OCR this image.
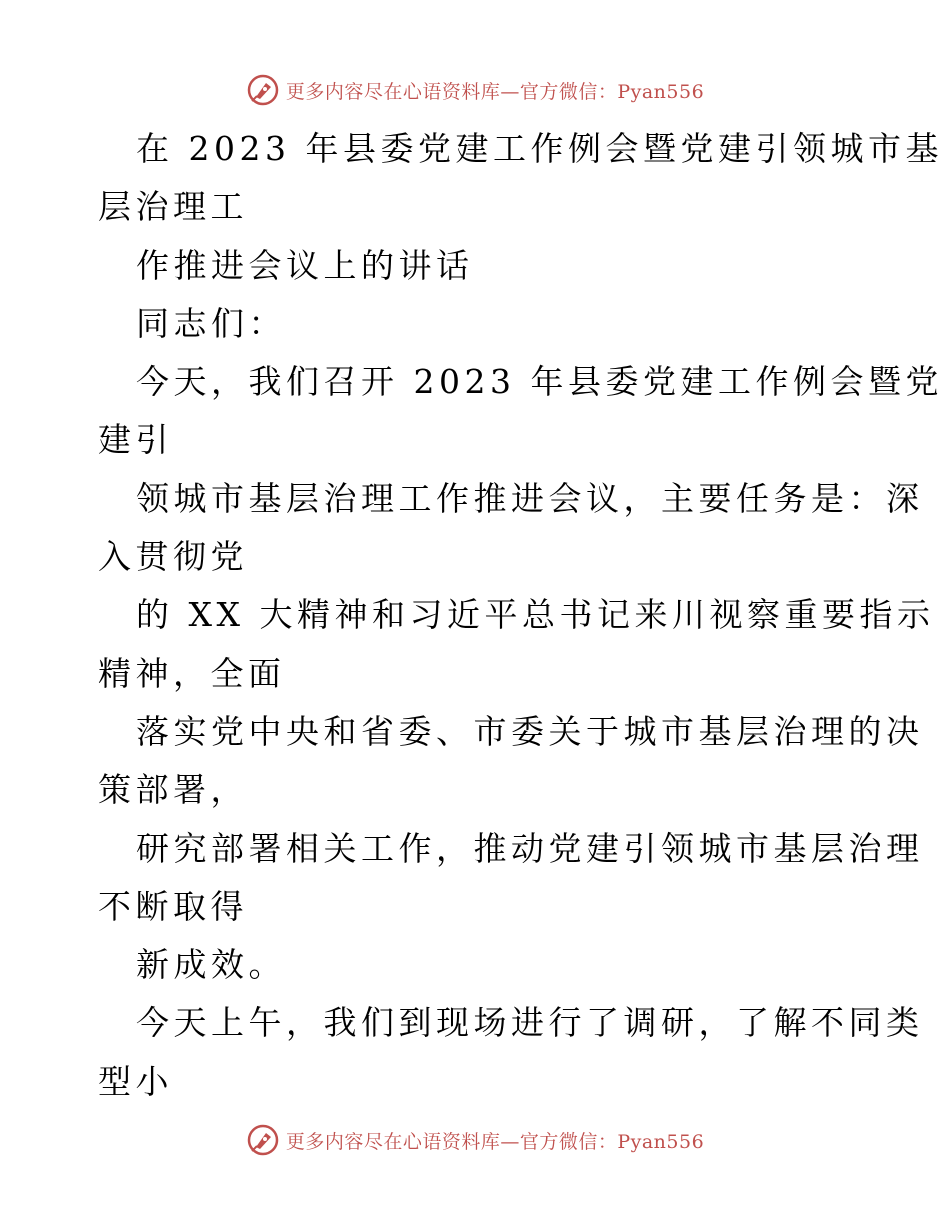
更多内容尽在心语资料库—官方微信：Pyan556
在 2023 年县委党建工作例会暨党建引领城市基
层治理工
作推进会议上的讲话
同志们：
今天，我们召开 2023 年县委党建工作例会暨党
建引
领城市基层治理工作推进会议，主要任务是：深
入贯彻党
的 XX 大精神和习近平总书记来川视察重要指示
精神，全面
落实党中央和省委、市委关于城市基层治理的决
策部署，
研究部署相关工作，推动党建引领城市基层治理
不断取得
新成效。
今天上午，我们到现场进行了调研，了解不同类
型小
更多内容尽在心语资料库—官方微信：Pyan556
